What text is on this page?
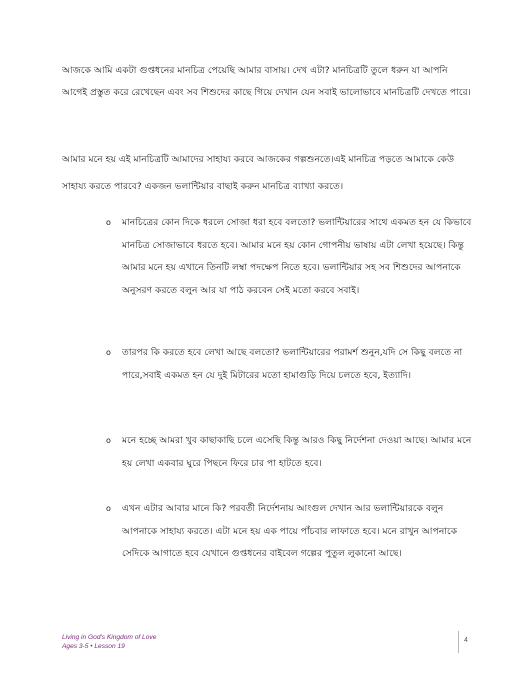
আজকে আমি একটা গুপ্তধনের মানচিত্র পেয়েছি আমার বাসায়। দেখ এটা? মানচিত্রটি তুলে ধরুন যা আপনি আগেই প্রস্তুত করে রেখেছেন এবং সব শিশুদের কাছে গিয়ে দেখান যেন সবাই ভালোভাবে মানচিত্রটি দেখতে পারে।

আমার মনে হয় এই মানচিত্রটি আমাদের সাহায্য করবে আজকের গল্পশুনতে।এই মানচিত্র পড়তে আমাকে কেউ সাহায্য করতে পারবে? একজন ভলান্টিয়ার বাছাই করুন মানচিত্র ব্যাখ্যা করতে।

o মানচিত্রের কোন দিকে ধরলে সোজা ধরা হবে বলতো? ভলান্টিয়ারের সাথে একমত হন যে কিভাবে মানচিত্র সোজাভাবে ধরতে হবে। আমার মনে হয় কোন গোপনীয় ভাষায় এটা লেখা হয়েছে। কিন্তু আমার মনে হয় এখানে তিনটি লম্বা পদক্ষেপ নিতে হবে। ভলান্টিয়ার সহ সব শিশুদের আপনাকে অনুসরণ করতে বলুন আর যা পাঠ করবেন সেই মতো করবে সবাই।
o তারপর কি করতে হবে লেখা আছে বলতো? ভলান্টিয়ারের পরামর্শ শুনুন,যদি সে কিছু বলতে না পারে,সবাই একমত হন যে দুই মিটারের মতো হামাগুড়ি দিয়ে চলতে হবে, ইত্যাদি।
o মনে হচ্ছে আমরা খুব কাছাকাছি চলে এসেছি কিন্তু আরও কিছু নির্দেশনা দেওয়া আছে। আমার মনে হয় লেখা একবার ঘুরে পিছনে ফিরে চার পা হাটতে হবে।
o এখন এটার আবার মানে কি? পরবর্তী নির্দেশনায় আংগুল দেখান আর ভলান্টিয়ারকে বলুন আপনাকে সাহায্য করতে। এটা মনে হয় এক পায়ে পাঁচবার লাফাতে হবে। মনে রাখুন আপনাকে সেদিকে আগাতে হবে যেখানে গুপ্তধনের বাইবেল গল্পের পুতুল লুকানো আছে।
Living in God's Kingdom of Love
Ages 3-5 • Lesson 19
4
